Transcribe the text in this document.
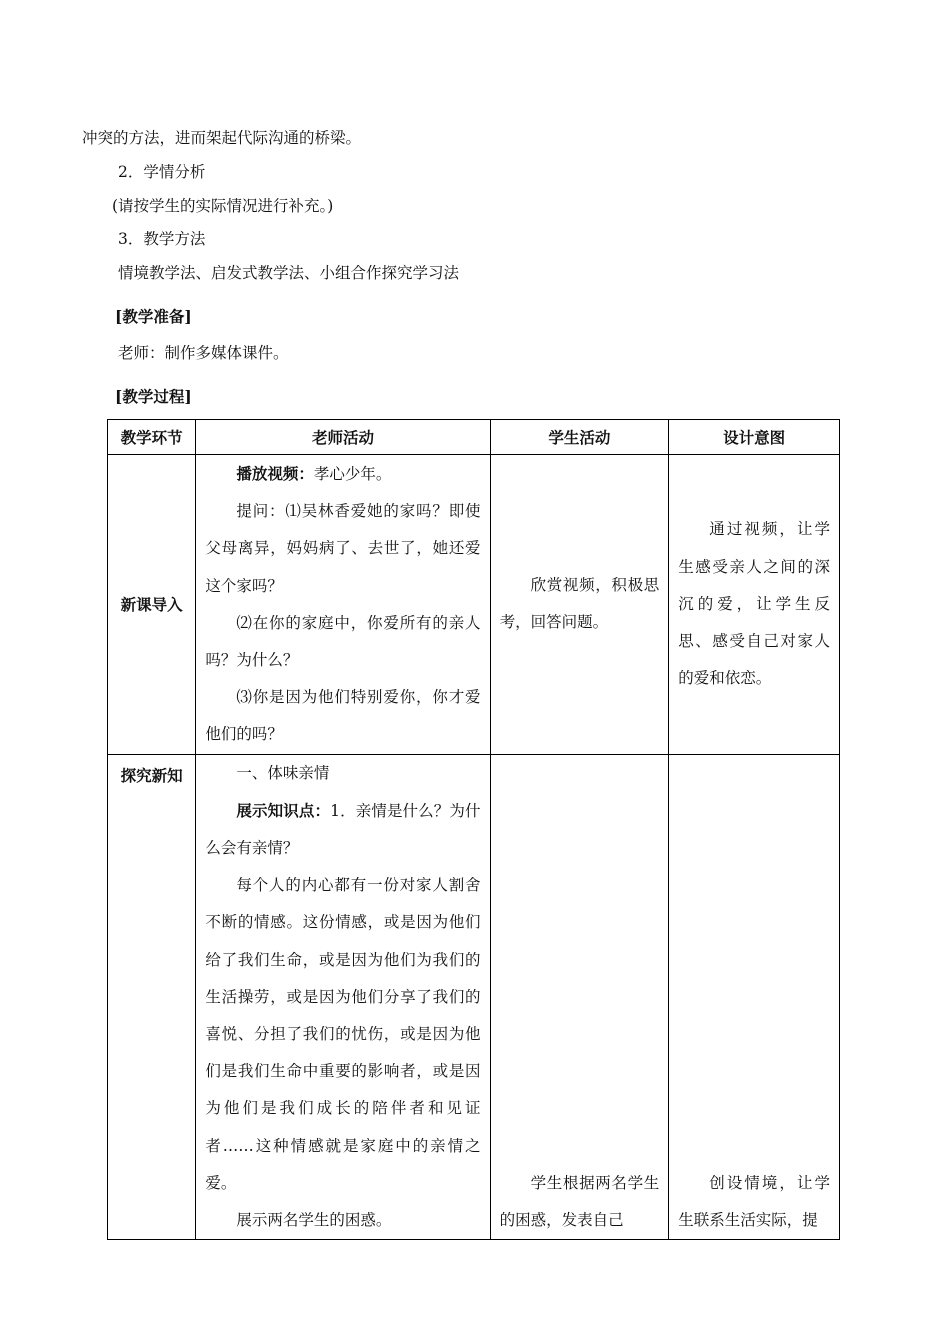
冲突的方法，进而架起代际沟通的桥梁。
2．学情分析
(请按学生的实际情况进行补充。)
3．教学方法
情境教学法、启发式教学法、小组合作探究学习法
[教学准备]
老师：制作多媒体课件。
[教学过程]
教学环节	老师活动	学生活动	设计意图
新课导入	播放视频：孝心少年。

提问：⑴吴林香爱她的家吗？即使父母离异，妈妈病了、去世了，她还爱这个家吗？

⑵在你的家庭中，你爱所有的亲人吗？为什么？

⑶你是因为他们特别爱你，你才爱他们的吗？	欣赏视频，积极思考，回答问题。	通过视频，让学生感受亲人之间的深沉的爱，让学生反思、感受自己对家人的爱和依恋。

探究新知	一、体味亲情

展示知识点：1．亲情是什么？为什么会有亲情？

每个人的内心都有一份对家人割舍不断的情感。这份情感，或是因为他们给了我们生命，或是因为他们为我们的生活操劳，或是因为他们分享了我们的喜悦、分担了我们的忧伤，或是因为他们是我们生命中重要的影响者，或是因为他们是我们成长的陪伴者和见证者……这种情感就是家庭中的亲情之爱。

展示两名学生的困惑。	学生根据两名学生的困惑，发表自己	创设情境，让学生联系生活实际，提
